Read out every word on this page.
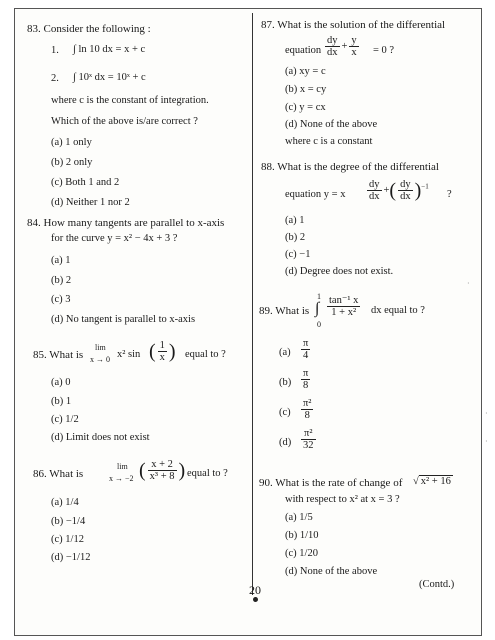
83. Consider the following :
1. ∫ ln 10 dx = x + c
2. ∫ 10ˣ dx = 10ˣ + c
where c is the constant of integration.
Which of the above is/are correct ?
(a) 1 only
(b) 2 only
(c) Both 1 and 2
(d) Neither 1 nor 2
84. How many tangents are parallel to x-axis
for the curve y = x² − 4x + 3 ?
(a) 1
(b) 2
(c) 3
(d) No tangent is parallel to x-axis
85. What is
lim
x → 0 x² sin ( $\frac{1}{x}$ ) equal to ?
(a) 0
(b) 1
(c) 1/2
(d) Limit does not exist
86. What is
lim
x → −2 ( $\frac{x + 2}{\text{x³ + 8}}$ ) equal to ?
(a) 1/4
(b) −1/4
(c) 1/12
(d) −1/12
87. What is the solution of the differential
equation $\frac{dy}{dx} + \frac{y}{x} = 0$ ?
(a) xy = c
(b) x = cy
(c) y = cx
(d) None of the above
where c is a constant
88. What is the degree of the differential
equation y = x $\frac{dy}{dx}$ +( $\frac{dy}{dx} )^{-1}$
?
(a) 1
(b) 2
(c) −1
(d) Degree does not exist.
89. What is
1
∫
0
$\frac{\text{tan⁻¹ x}}{\text{1 + x²}}$ dx equal to ?
$(a) \frac{\pi}{4}$
$(b) \frac{\pi}{8}$
$(c) \frac{\text{π²}}{8}$
$(d) \frac{\text{π²}}{32}$
90. What is the rate of change of √ x² + 16
with respect to x² at x = 3 ?
(a) 1/5
(b) 1/10
(c) 1/20
(d) None of the above
20	(Contd.)
·
·
·
